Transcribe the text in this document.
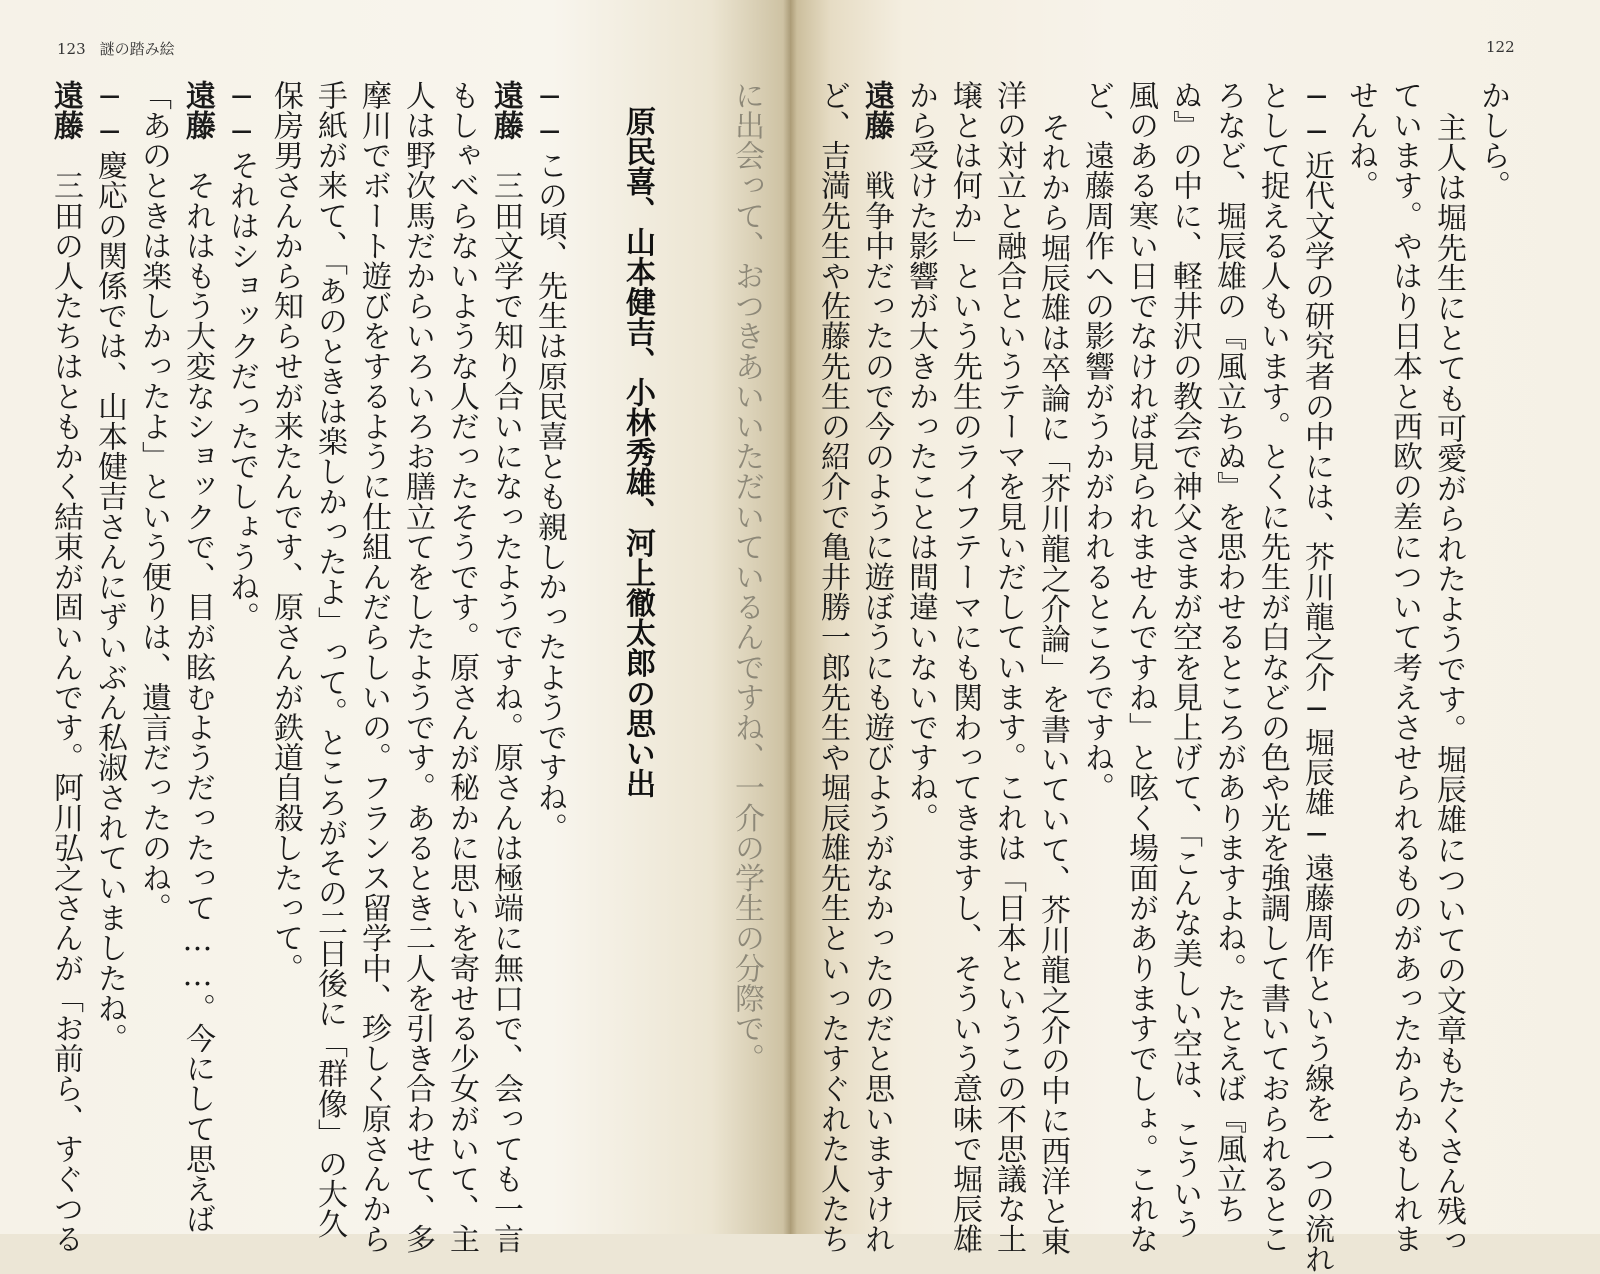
123 謎の踏み絵
原民喜、山本健吉、小林秀雄、河上徹太郎の思い出
──この頃、先生は原民喜とも親しかったようですね。
遠藤　三田文学で知り合いになったようですね。原さんは極端に無口で、会っても一言
もしゃべらないような人だったそうです。原さんが秘かに思いを寄せる少女がいて、主
人は野次馬だからいろいろお膳立てをしたようです。あるとき二人を引き合わせて、多
摩川でボート遊びをするように仕組んだらしいの。フランス留学中、珍しく原さんから
手紙が来て、「あのときは楽しかったよ」って。ところがその二日後に「群像」の大久
保房男さんから知らせが来たんです、原さんが鉄道自殺したって。
──それはショックだったでしょうね。
遠藤　それはもう大変なショックで、目が眩むようだったって……。今にして思えば
「あのときは楽しかったよ」という便りは、遺言だったのね。
──慶応の関係では、山本健吉さんにずいぶん私淑されていましたね。
遠藤　三田の人たちはともかく結束が固いんです。阿川弘之さんが「お前ら、すぐつる
122
かしら。
主人は堀先生にとても可愛がられたようです。堀辰雄についての文章もたくさん残っ
ています。やはり日本と西欧の差について考えさせられるものがあったからかもしれま
せんね。
──近代文学の研究者の中には、芥川龍之介─堀辰雄─遠藤周作という線を一つの流れ
として捉える人もいます。とくに先生が白などの色や光を強調して書いておられるとこ
ろなど、堀辰雄の『風立ちぬ』を思わせるところがありますよね。たとえば『風立ち
ぬ』の中に、軽井沢の教会で神父さまが空を見上げて、「こんな美しい空は、こういう
風のある寒い日でなければ見られませんですね」と呟く場面がありますでしょ。これな
ど、遠藤周作への影響がうかがわれるところですね。
それから堀辰雄は卒論に「芥川龍之介論」を書いていて、芥川龍之介の中に西洋と東
洋の対立と融合というテーマを見いだしています。これは「日本というこの不思議な土
壌とは何か」という先生のライフテーマにも関わってきますし、そういう意味で堀辰雄
から受けた影響が大きかったことは間違いないですね。
遠藤　戦争中だったので今のように遊ぼうにも遊びようがなかったのだと思いますけれ
ど、吉満先生や佐藤先生の紹介で亀井勝一郎先生や堀辰雄先生といったすぐれた人たち
に出会って、おつきあいいただいているんですね、一介の学生の分際で。
